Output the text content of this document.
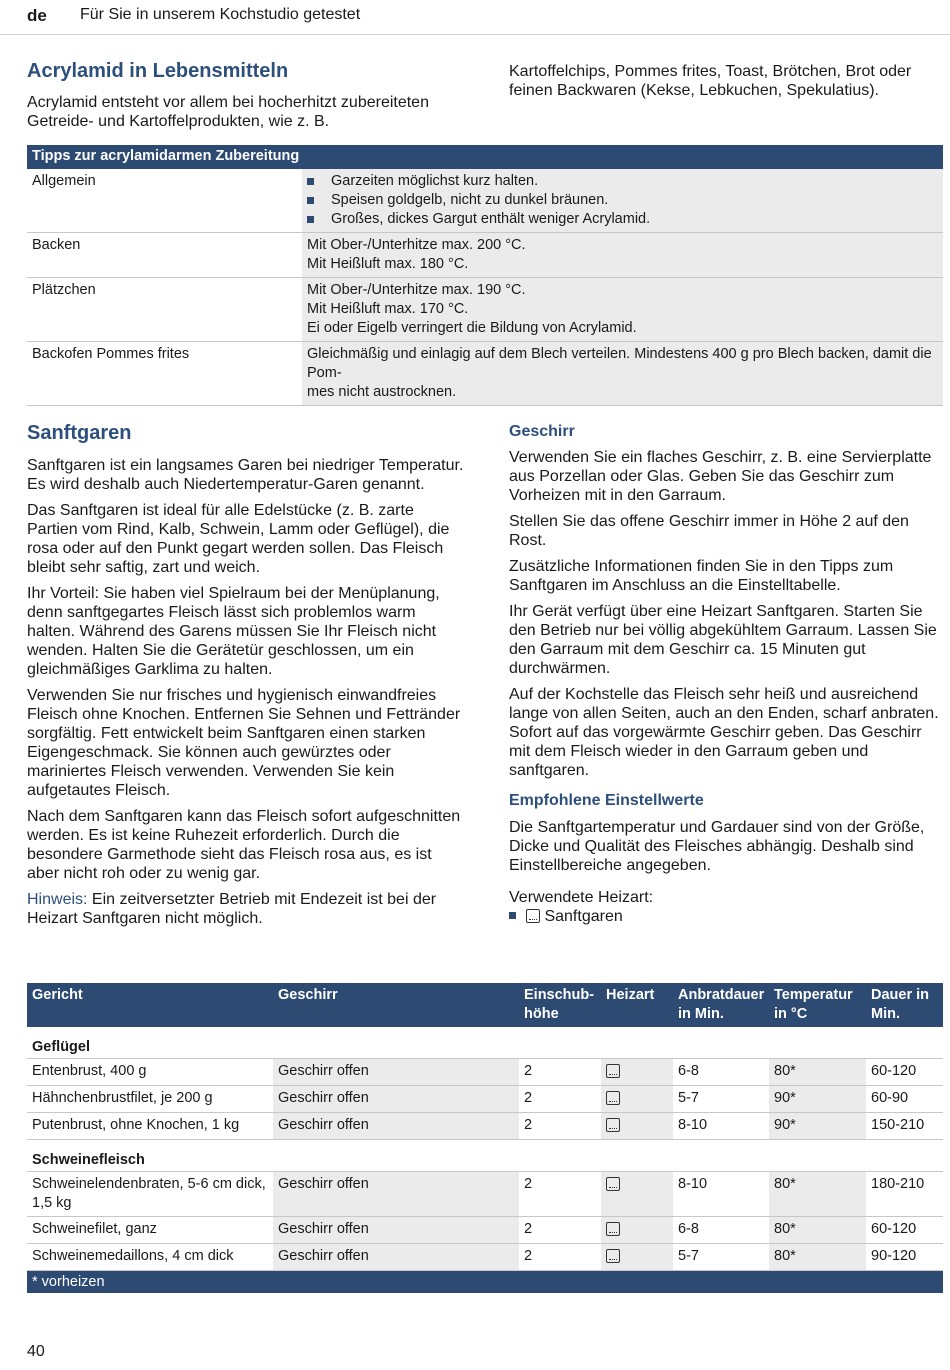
de Für Sie in unserem Kochstudio getestet
Acrylamid in Lebensmitteln
Acrylamid entsteht vor allem bei hocherhitzt zubereiteten Getreide- und Kartoffelprodukten, wie z. B.
Kartoffelchips, Pommes frites, Toast, Brötchen, Brot oder feinen Backwaren (Kekse, Lebkuchen, Spekulatius).
Tipps zur acrylamidarmen Zubereitung
Allgemein	Garzeiten möglichst kurz halten.
Speisen goldgelb, nicht zu dunkel bräunen.
Großes, dickes Gargut enthält weniger Acrylamid.
Backen	Mit Ober-/Unterhitze max. 200 °C.
Mit Heißluft max. 180 °C.
Plätzchen	Mit Ober-/Unterhitze max. 190 °C.
Mit Heißluft max. 170 °C.
Ei oder Eigelb verringert die Bildung von Acrylamid.
Backofen Pommes frites	Gleichmäßig und einlagig auf dem Blech verteilen. Mindestens 400 g pro Blech backen, damit die Pom-
mes nicht austrocknen.
Sanftgaren

Sanftgaren ist ein langsames Garen bei niedriger Temperatur. Es wird deshalb auch Niedertemperatur-Garen genannt.

Das Sanftgaren ist ideal für alle Edelstücke (z. B. zarte Partien vom Rind, Kalb, Schwein, Lamm oder Geflügel), die rosa oder auf den Punkt gegart werden sollen. Das Fleisch bleibt sehr saftig, zart und weich.

Ihr Vorteil: Sie haben viel Spielraum bei der Menüplanung, denn sanftgegartes Fleisch lässt sich problemlos warm halten. Während des Garens müssen Sie Ihr Fleisch nicht wenden. Halten Sie die Gerätetür geschlossen, um ein gleichmäßiges Garklima zu halten.

Verwenden Sie nur frisches und hygienisch einwandfreies Fleisch ohne Knochen. Entfernen Sie Sehnen und Fettränder sorgfältig. Fett entwickelt beim Sanftgaren einen starken Eigengeschmack. Sie können auch gewürztes oder mariniertes Fleisch verwenden. Verwenden Sie kein aufgetautes Fleisch.

Nach dem Sanftgaren kann das Fleisch sofort aufgeschnitten werden. Es ist keine Ruhezeit erforderlich. Durch die besondere Garmethode sieht das Fleisch rosa aus, es ist aber nicht roh oder zu wenig gar.

Hinweis: Ein zeitversetzter Betrieb mit Endezeit ist bei der Heizart Sanftgaren nicht möglich.

Geschirr

Verwenden Sie ein flaches Geschirr, z. B. eine Servierplatte aus Porzellan oder Glas. Geben Sie das Geschirr zum Vorheizen mit in den Garraum.

Stellen Sie das offene Geschirr immer in Höhe 2 auf den Rost.

Zusätzliche Informationen finden Sie in den Tipps zum Sanftgaren im Anschluss an die Einstelltabelle.

Ihr Gerät verfügt über eine Heizart Sanftgaren. Starten Sie den Betrieb nur bei völlig abgekühltem Garraum. Lassen Sie den Garraum mit dem Geschirr ca. 15 Minuten gut durchwärmen.

Auf der Kochstelle das Fleisch sehr heiß und ausreichend lange von allen Seiten, auch an den Enden, scharf anbraten. Sofort auf das vorgewärmte Geschirr geben. Das Geschirr mit dem Fleisch wieder in den Garraum geben und sanftgaren.

Empfohlene Einstellwerte
Die Sanftgartemperatur und Gardauer sind von der Größe, Dicke und Qualität des Fleisches abhängig. Deshalb sind Einstellbereiche angegeben.
Verwendete Heizart:
Sanftgaren
Gericht	Geschirr	Einschub-
höhe
Heizart	Anbratdauer
in Min.
Temperatur
in °C
Dauer in
Min.
Geflügel
Entenbrust, 400 g	Geschirr offen	2	6-8	80*	60-120
Hähnchenbrustfilet, je 200 g	Geschirr offen	2	5-7	90*	60-90
Putenbrust, ohne Knochen, 1 kg	Geschirr offen	2	8-10	90*	150-210
Schweinefleisch
Schweinelendenbraten, 5-6 cm dick,
1,5 kg
Geschirr offen	2	8-10	80*	180-210
Schweinefilet, ganz	Geschirr offen	2	6-8	80*	60-120
Schweinemedaillons, 4 cm dick	Geschirr offen	2	5-7	80*	90-120
* vorheizen
40
